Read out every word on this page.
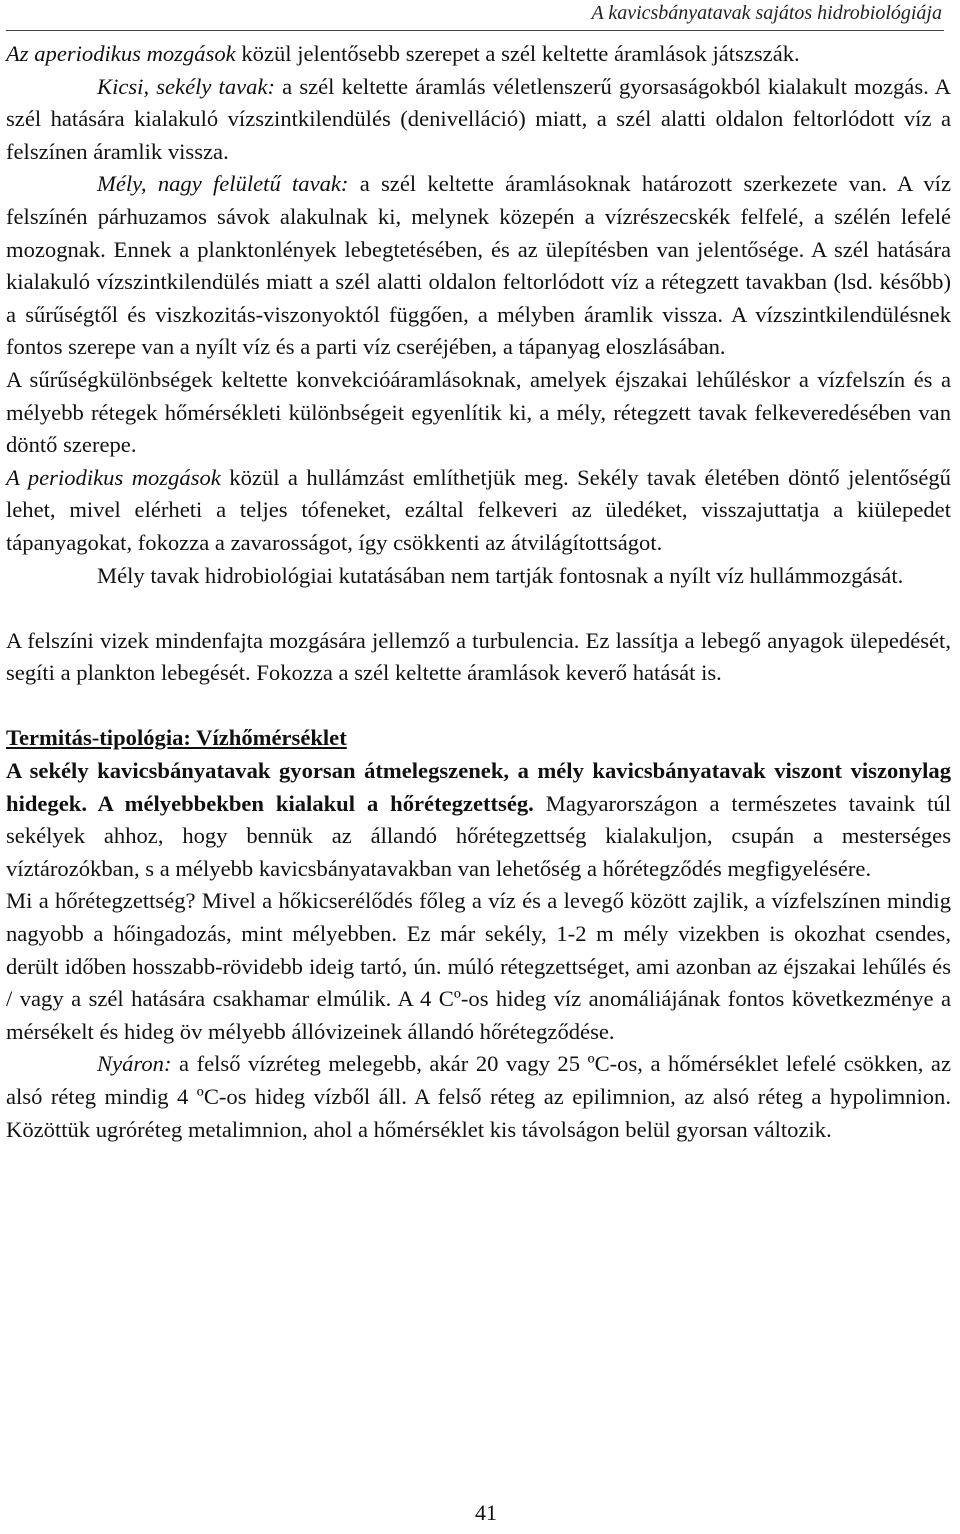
A kavicsbányatavak sajátos hidrobiológiája

Az aperiodikus mozgások közül jelentősebb szerepet a szél keltette áramlások játszszák.

Kicsi, sekély tavak: a szél keltette áramlás véletlenszerű gyorsaságokból kialakult mozgás. A szél hatására kialakuló vízszintkilendülés (denivelláció) miatt, a szél alatti oldalon feltorlódott víz a felszínen áramlik vissza.

Mély, nagy felületű tavak: a szél keltette áramlásoknak határozott szerkezete van. A víz felszínén párhuzamos sávok alakulnak ki, melynek közepén a vízrészecskék felfelé, a szélén lefelé mozognak. Ennek a planktonlények lebegtetésében, és az ülepítésben van jelentősége. A szél hatására kialakuló vízszintkilendülés miatt a szél alatti oldalon feltorlódott víz a rétegzett tavakban (lsd. később) a sűrűségtől és viszkozitás-viszonyoktól függően, a mélyben áramlik vissza. A vízszintkilendülésnek fontos szerepe van a nyílt víz és a parti víz cseréjében, a tápanyag eloszlásában.

A sűrűségkülönbségek keltette konvekcióáramlásoknak, amelyek éjszakai lehűléskor a vízfelszín és a mélyebb rétegek hőmérsékleti különbségeit egyenlítik ki, a mély, rétegzett tavak felkeveredésében van döntő szerepe.

A periodikus mozgások közül a hullámzást említhetjük meg. Sekély tavak életében döntő jelentőségű lehet, mivel elérheti a teljes tófeneket, ezáltal felkeveri az üledéket, visszajuttatja a kiülepedet tápanyagokat, fokozza a zavarosságot, így csökkenti az átvilágítottságot.

Mély tavak hidrobiológiai kutatásában nem tartják fontosnak a nyílt víz hullámmozgását.

A felszíni vizek mindenfajta mozgására jellemző a turbulencia. Ez lassítja a lebegő anyagok ülepedését, segíti a plankton lebegését. Fokozza a szél keltette áramlások keverő hatását is.

Termitás-tipológia: Vízhőmérséklet

A sekély kavicsbányatavak gyorsan átmelegszenek, a mély kavicsbányatavak viszont viszonylag hidegek. A mélyebbekben kialakul a hőrétegzettség. Magyarországon a természetes tavaink túl sekélyek ahhoz, hogy bennük az állandó hőrétegzettség kialakuljon, csupán a mesterséges víztározókban, s a mélyebb kavicsbányatavakban van lehetőség a hőrétegződés megfigyelésére.

Mi a hőrétegzettség? Mivel a hőkicserélődés főleg a víz és a levegő között zajlik, a vízfelszínen mindig nagyobb a hőingadozás, mint mélyebben. Ez már sekély, 1-2 m mély vizekben is okozhat csendes, derült időben hosszabb-rövidebb ideig tartó, ún. múló rétegzettséget, ami azonban az éjszakai lehűlés és / vagy a szél hatására csakhamar elmúlik. A 4 Cº-os hideg víz anomáliájának fontos következménye a mérsékelt és hideg öv mélyebb állóvizeinek állandó hőrétegződése.

Nyáron: a felső vízréteg melegebb, akár 20 vagy 25 ºC-os, a hőmérséklet lefelé csökken, az alsó réteg mindig 4 ºC-os hideg vízből áll. A felső réteg az epilimnion, az alsó réteg a hypolimnion. Közöttük ugróréteg metalimnion, ahol a hőmérséklet kis távolságon belül gyorsan változik.

41
